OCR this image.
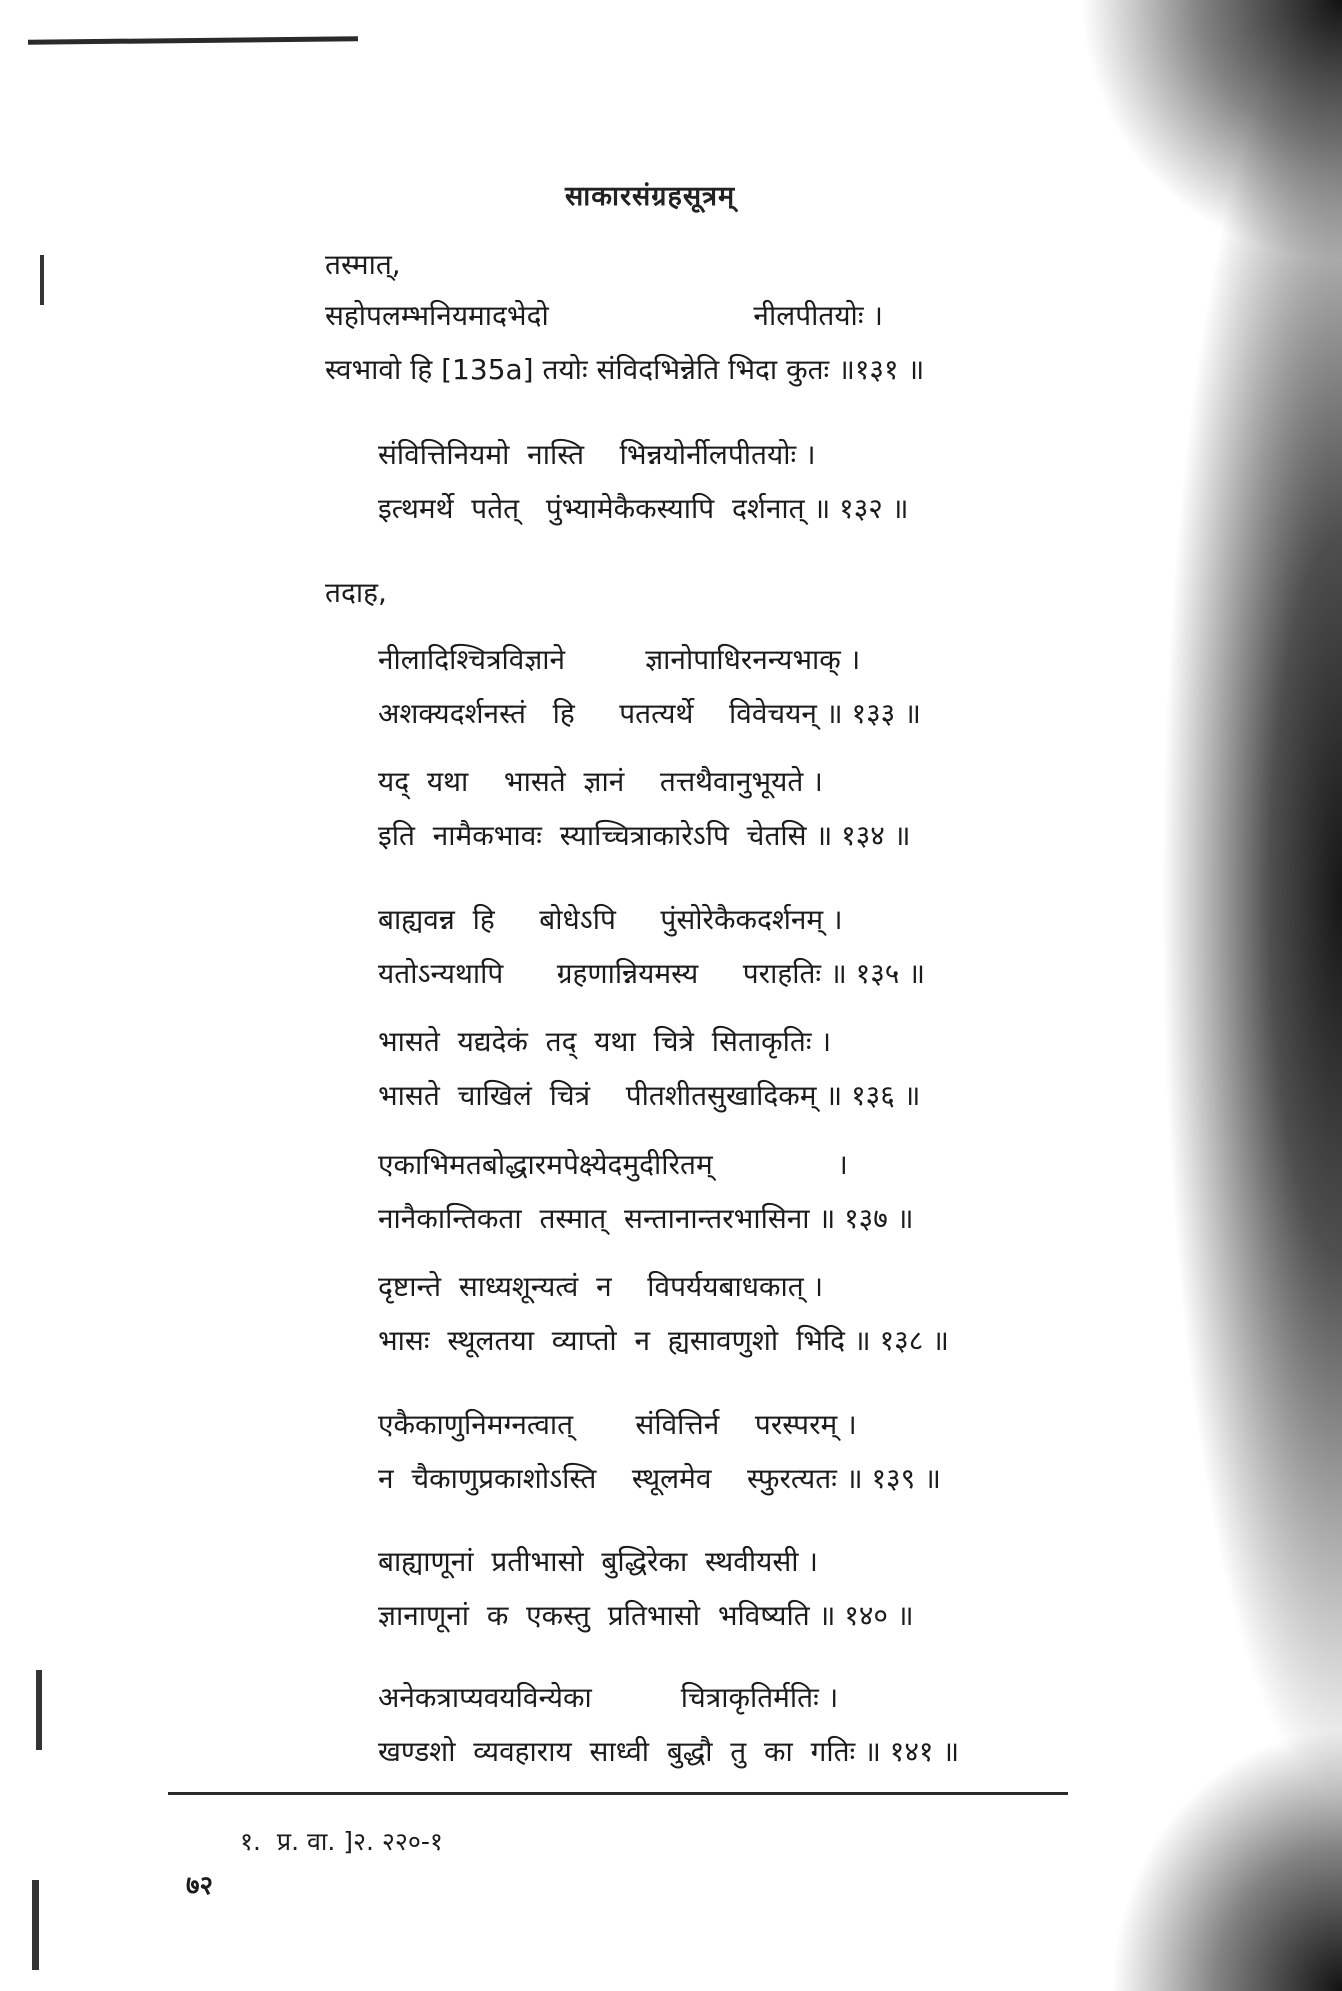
साकारसंग्रहसूत्रम्
तस्मात्,
सहोपलम्भनियमादभेदो                       नीलपीतयोः ।
स्वभावो हि [135a] तयोः संविदभिन्नेति भिदा कुतः ॥१३१ ॥
संवित्तिनियमो  नास्ति    भिन्नयोर्नीलपीतयोः ।
इत्थमर्थे  पतेत्   पुंभ्यामेकैकस्यापि  दर्शनात् ॥ १३२ ॥
तदाह,
नीलादिश्चित्रविज्ञाने         ज्ञानोपाधिरनन्यभाक् ।
अशक्यदर्शनस्तं   हि     पतत्यर्थे    विवेचयन् ॥ १३३ ॥
यद्  यथा    भासते  ज्ञानं    तत्तथैवानुभूयते ।
इति  नामैकभावः  स्याच्चित्राकारेऽपि  चेतसि ॥ १३४ ॥
बाह्यवन्न  हि     बोधेऽपि     पुंसोरेकैकदर्शनम् ।
यतोऽन्यथापि      ग्रहणान्नियमस्य     पराहतिः ॥ १३५ ॥
भासते  यद्यदेकं  तद्  यथा  चित्रे  सिताकृतिः ।
भासते  चाखिलं  चित्रं    पीतशीतसुखादिकम् ॥ १३६ ॥
एकाभिमतबोद्धारमपेक्ष्येदमुदीरितम्              ।
नानैकान्तिकता  तस्मात्  सन्तानान्तरभासिना ॥ १३७ ॥
दृष्टान्ते  साध्यशून्यत्वं  न    विपर्ययबाधकात् ।
भासः  स्थूलतया  व्याप्तो  न  ह्यसावणुशो  भिदि ॥ १३८ ॥
एकैकाणुनिमग्नत्वात्       संवित्तिर्न    परस्परम् ।
न  चैकाणुप्रकाशोऽस्ति    स्थूलमेव    स्फुरत्यतः ॥ १३९ ॥
बाह्याणूनां  प्रतीभासो  बुद्धिरेका  स्थवीयसी ।
ज्ञानाणूनां  क  एकस्तु  प्रतिभासो  भविष्यति ॥ १४० ॥
अनेकत्राप्यवयविन्येका          चित्राकृतिर्मतिः ।
खण्डशो  व्यवहाराय  साध्वी  बुद्धौ  तु  का  गतिः ॥ १४१ ॥
१.  प्र. वा. ]२. २२०-१
७२
